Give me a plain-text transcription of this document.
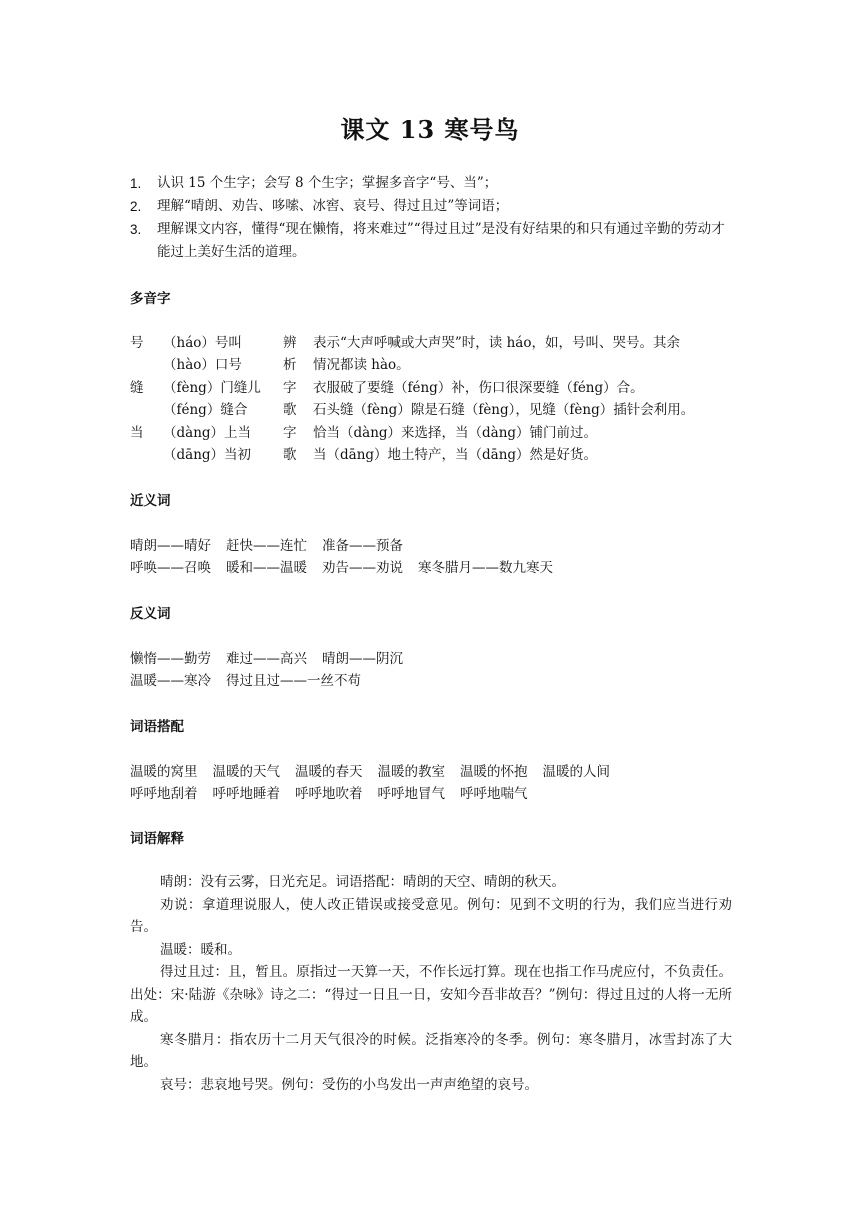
课文 13 寒号鸟
1. 认识 15 个生字；会写 8 个生字；掌握多音字“号、当”；
2. 理解“晴朗、劝告、哆嗦、冰窖、哀号、得过且过”等词语；
3. 理解课文内容，懂得“现在懒惰，将来难过”“得过且过”是没有好结果的和只有通过辛勤的劳动才能过上美好生活的道理。
多音字
号 （háo）号叫	辨 表示“大声呼喊或大声哭”时，读 háo，如，号叫、哭号。其余
（hào）口号	析 情况都读 hào。
缝 （fèng）门缝儿 字 衣服破了要缝（féng）补，伤口很深要缝（féng）合。
（féng）缝合	歌 石头缝（fèng）隙是石缝（fèng），见缝（fèng）插针会利用。
当 （dàng）上当 字 恰当（dàng）来选择，当（dàng）铺门前过。
（dāng）当初 歌 当（dāng）地土特产，当（dāng）然是好货。
近义词
晴朗——晴好 赶快——连忙 准备——预备
呼唤——召唤 暖和——温暖 劝告——劝说 寒冬腊月——数九寒天
反义词
懒惰——勤劳 难过——高兴 晴朗——阴沉
温暖——寒冷 得过且过——一丝不苟
词语搭配
温暖的窝里 温暖的天气 温暖的春天 温暖的教室 温暖的怀抱 温暖的人间
呼呼地刮着 呼呼地睡着 呼呼地吹着 呼呼地冒气 呼呼地喘气
词语解释

晴朗：没有云雾，日光充足。词语搭配：晴朗的天空、晴朗的秋天。

劝说：拿道理说服人，使人改正错误或接受意见。例句：见到不文明的行为，我们应当进行劝告。

温暖：暖和。

得过且过：且，暂且。原指过一天算一天，不作长远打算。现在也指工作马虎应付，不负责任。出处：宋·陆游《杂咏》诗之二：“得过一日且一日，安知今吾非故吾？”例句：得过且过的人将一无所成。

寒冬腊月：指农历十二月天气很冷的时候。泛指寒冷的冬季。例句：寒冬腊月，冰雪封冻了大地。

哀号：悲哀地号哭。例句：受伤的小鸟发出一声声绝望的哀号。
